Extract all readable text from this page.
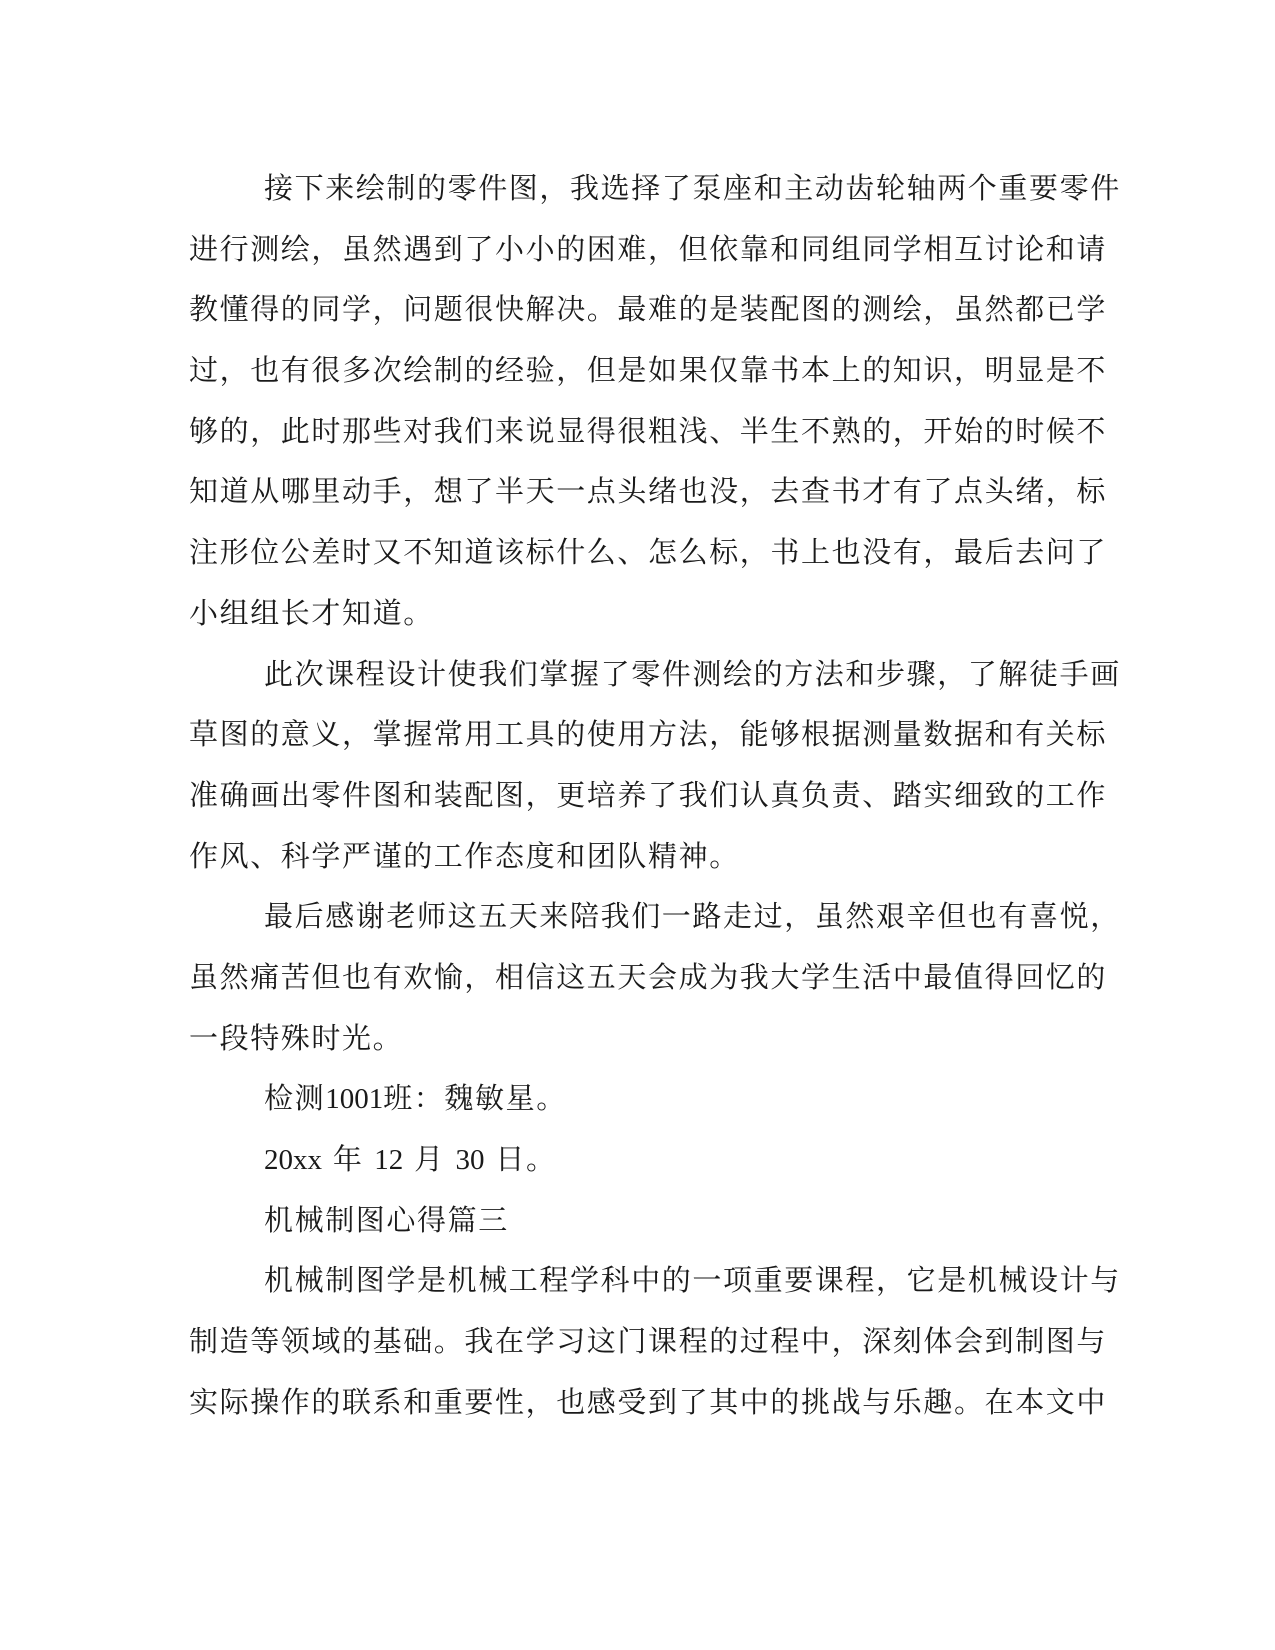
接下来绘制的零件图，我选择了泵座和主动齿轮轴两个重要零件
进行测绘，虽然遇到了小小的困难，但依靠和同组同学相互讨论和请
教懂得的同学，问题很快解决。最难的是装配图的测绘，虽然都已学
过，也有很多次绘制的经验，但是如果仅靠书本上的知识，明显是不
够的，此时那些对我们来说显得很粗浅、半生不熟的，开始的时候不
知道从哪里动手，想了半天一点头绪也没，去查书才有了点头绪，标
注形位公差时又不知道该标什么、怎么标，书上也没有，最后去问了
小组组长才知道。
此次课程设计使我们掌握了零件测绘的方法和步骤，了解徒手画
草图的意义，掌握常用工具的使用方法，能够根据测量数据和有关标
准确画出零件图和装配图，更培养了我们认真负责、踏实细致的工作
作风、科学严谨的工作态度和团队精神。
最后感谢老师这五天来陪我们一路走过，虽然艰辛但也有喜悦，
虽然痛苦但也有欢愉，相信这五天会成为我大学生活中最值得回忆的
一段特殊时光。
检测1001班：魏敏星。
20xx 年 12 月 30 日。
机械制图心得篇三
机械制图学是机械工程学科中的一项重要课程，它是机械设计与
制造等领域的基础。我在学习这门课程的过程中，深刻体会到制图与
实际操作的联系和重要性，也感受到了其中的挑战与乐趣。在本文中
